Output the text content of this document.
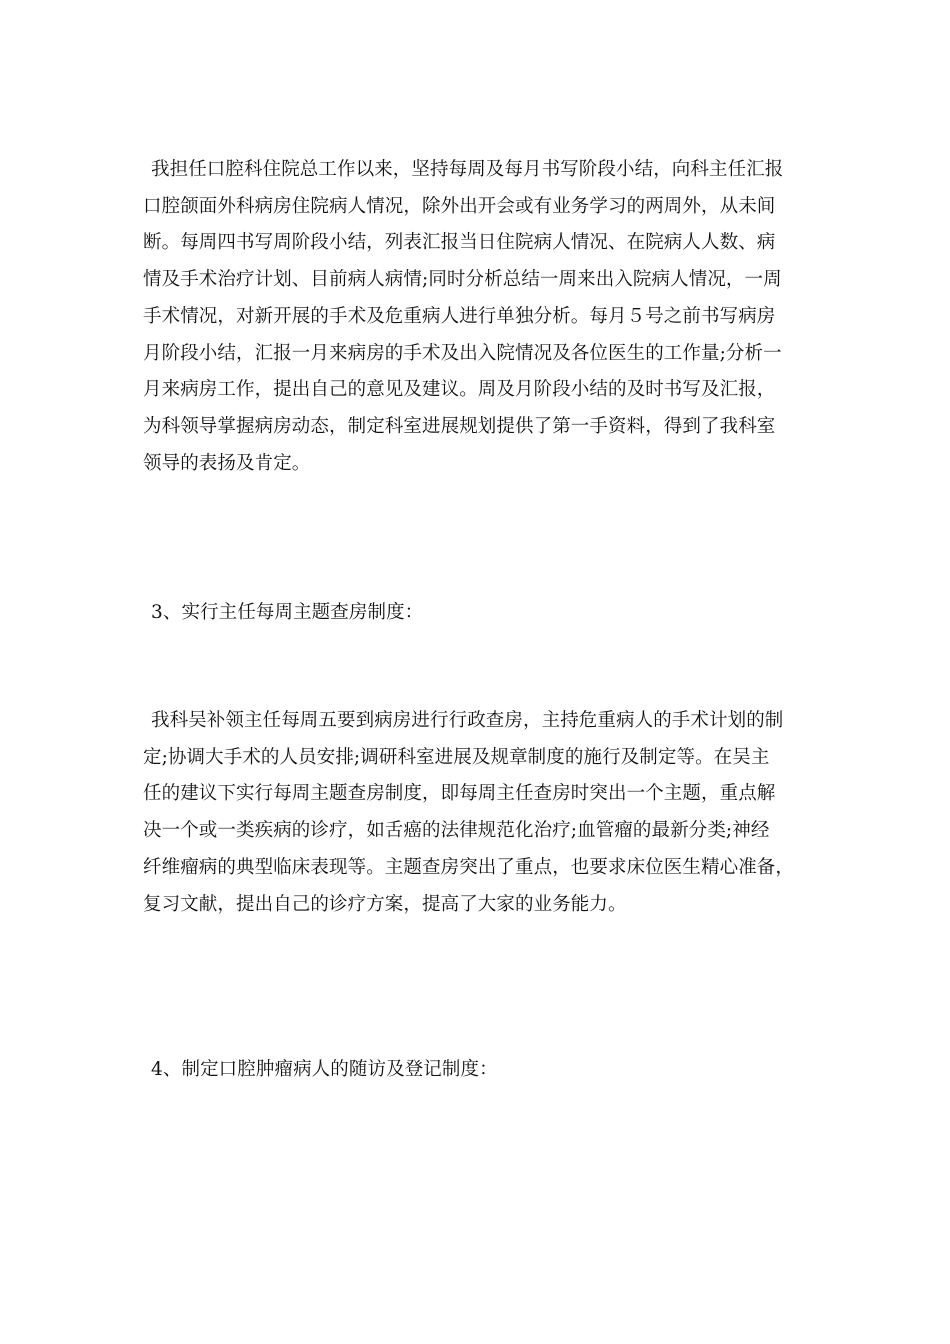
我担任口腔科住院总工作以来，坚持每周及每月书写阶段小结，向科主任汇报
口腔颌面外科病房住院病人情况，除外出开会或有业务学习的两周外，从未间
断。每周四书写周阶段小结，列表汇报当日住院病人情况、在院病人人数、病
情及手术治疗计划、目前病人病情;同时分析总结一周来出入院病人情况，一周
手术情况，对新开展的手术及危重病人进行单独分析。每月５号之前书写病房
月阶段小结，汇报一月来病房的手术及出入院情况及各位医生的工作量;分析一
月来病房工作，提出自己的意见及建议。周及月阶段小结的及时书写及汇报，
为科领导掌握病房动态，制定科室进展规划提供了第一手资料，得到了我科室
领导的表扬及肯定。
3、实行主任每周主题查房制度：
我科吴补领主任每周五要到病房进行行政查房，主持危重病人的手术计划的制
定;协调大手术的人员安排;调研科室进展及规章制度的施行及制定等。在吴主
任的建议下实行每周主题查房制度，即每周主任查房时突出一个主题，重点解
决一个或一类疾病的诊疗，如舌癌的法律规范化治疗;血管瘤的最新分类;神经
纤维瘤病的典型临床表现等。主题查房突出了重点，也要求床位医生精心准备，
复习文献，提出自己的诊疗方案，提高了大家的业务能力。
4、制定口腔肿瘤病人的随访及登记制度：
